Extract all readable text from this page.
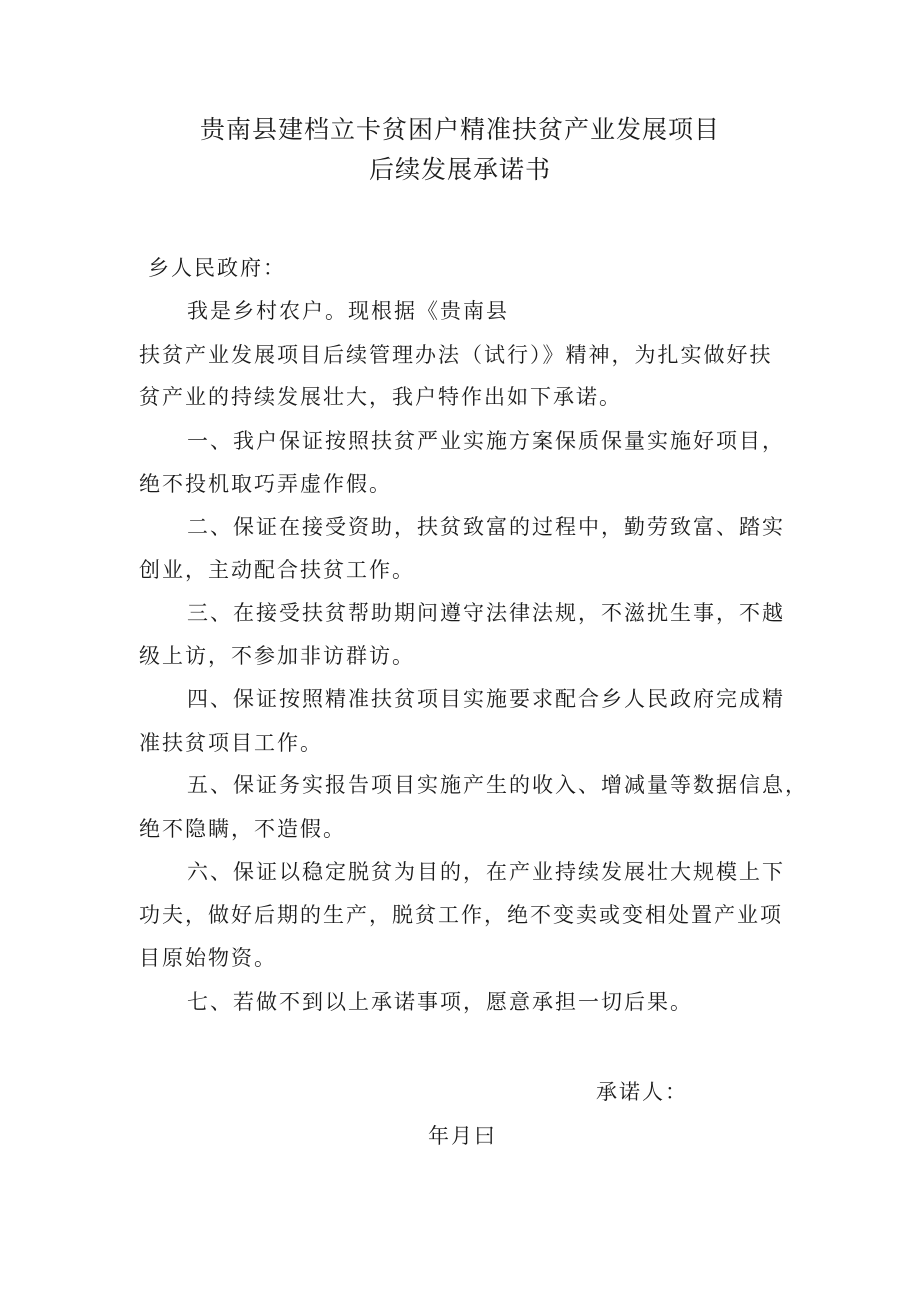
贵南县建档立卡贫困户精准扶贫产业发展项目
后续发展承诺书
乡人民政府：
我是乡村农户。现根据《贵南县
扶贫产业发展项目后续管理办法（试行）》精神，为扎实做好扶
贫产业的持续发展壮大，我户特作出如下承诺。
一、我户保证按照扶贫严业实施方案保质保量实施好项目，
绝不投机取巧弄虚作假。
二、保证在接受资助，扶贫致富的过程中，勤劳致富、踏实
创业，主动配合扶贫工作。
三、在接受扶贫帮助期问遵守法律法规，不滋扰生事，不越
级上访，不参加非访群访。
四、保证按照精准扶贫项目实施要求配合乡人民政府完成精
准扶贫项目工作。
五、保证务实报告项目实施产生的收入、增减量等数据信息，
绝不隐瞒，不造假。
六、保证以稳定脱贫为目的，在产业持续发展壮大规模上下
功夫，做好后期的生产，脱贫工作，绝不变卖或变相处置产业项
目原始物资。
七、若做不到以上承诺事项，愿意承担一切后果。
承诺人：
年月曰
